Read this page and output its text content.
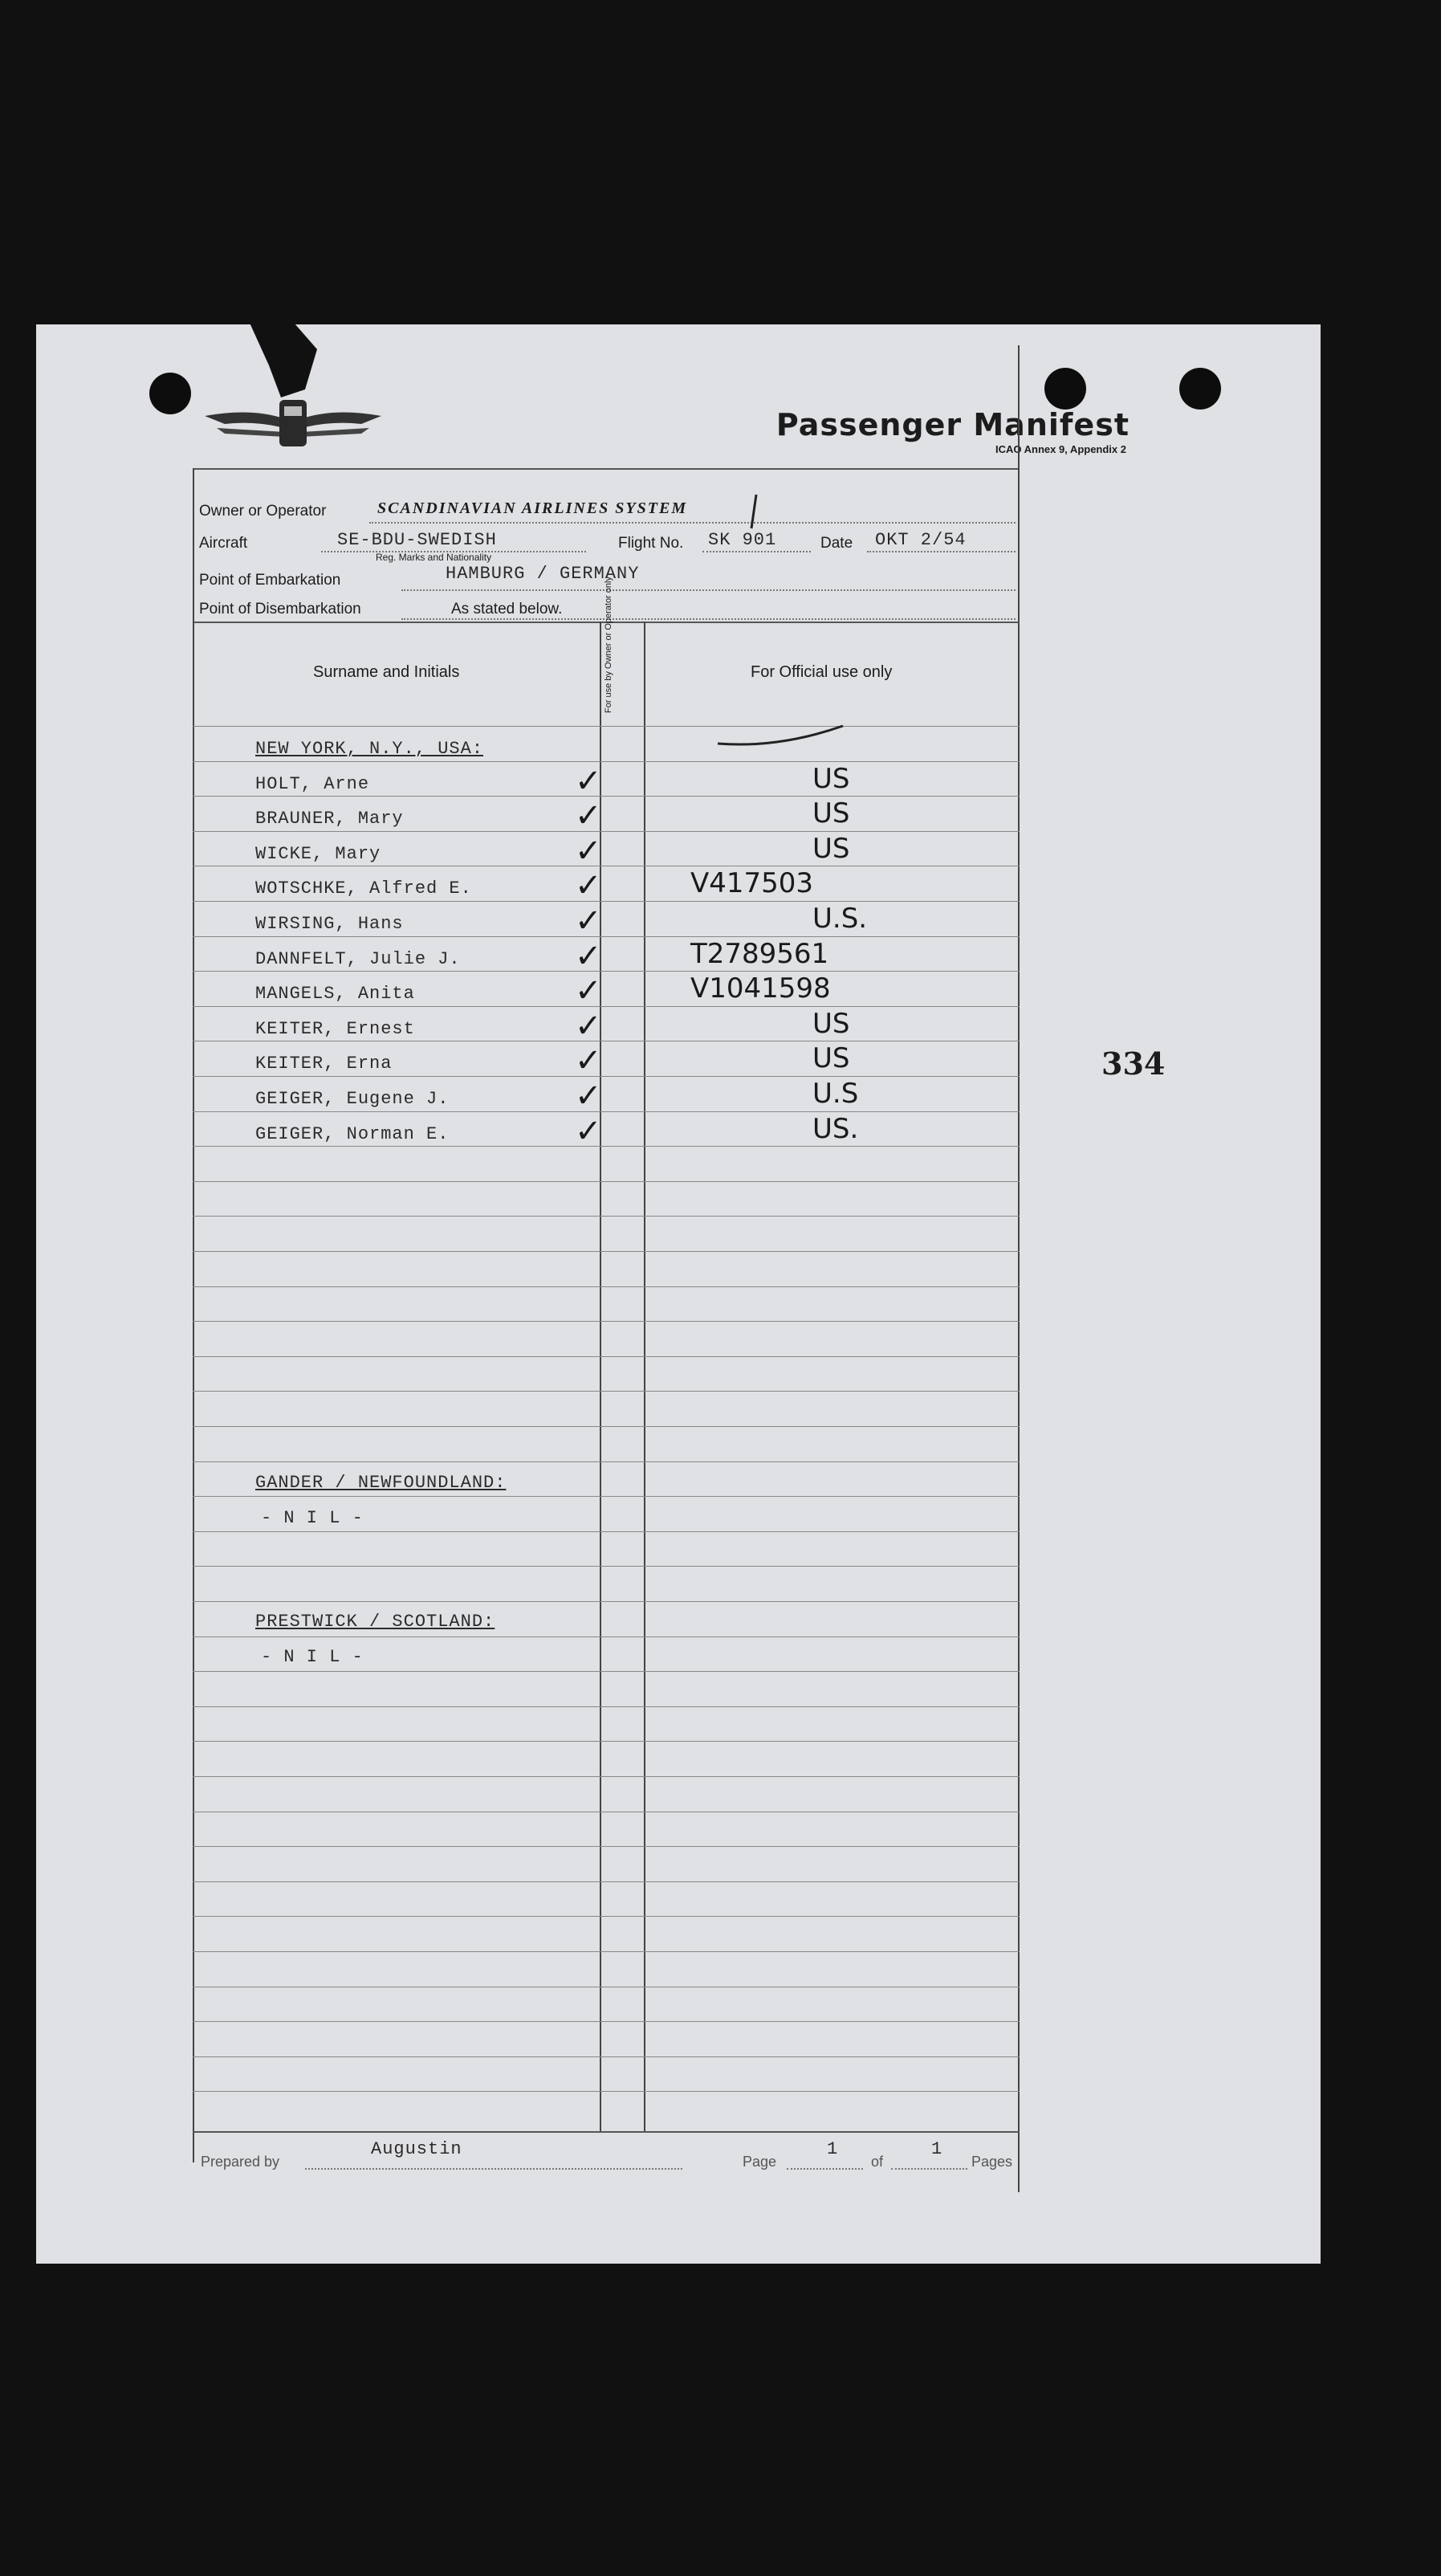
Passenger Manifest
ICAO Annex 9, Appendix 2
Owner or Operator	SCANDINAVIAN AIRLINES SYSTEM
Aircraft	SE-BDU-SWEDISH
Reg. Marks and Nationality
Flight No. SK 901	Date OKT 2/54
Point of Embarkation	HAMBURG / GERMANY
Point of Disembarkation	As stated below.
Surname and Initials	For use by Owner or Operator only	For Official use only
NEW YORK, N.Y., USA:
HOLT, Arne	✓	US
BRAUNER, Mary	✓	US
WICKE, Mary	✓	US
WOTSCHKE, Alfred E.	✓	V417503
WIRSING, Hans	✓	U.S.
DANNFELT, Julie J.	✓	T2789561
MANGELS, Anita	✓	V1041598
KEITER, Ernest	✓	US
KEITER, Erna	✓	US
GEIGER, Eugene J.	✓	U.S
GEIGER, Norman E.	✓	US.
GANDER / NEWFOUNDLAND:
- N I L -
PRESTWICK / SCOTLAND:
- N I L -
Prepared by
Augustin
Page
1
of
1
Pages
334
